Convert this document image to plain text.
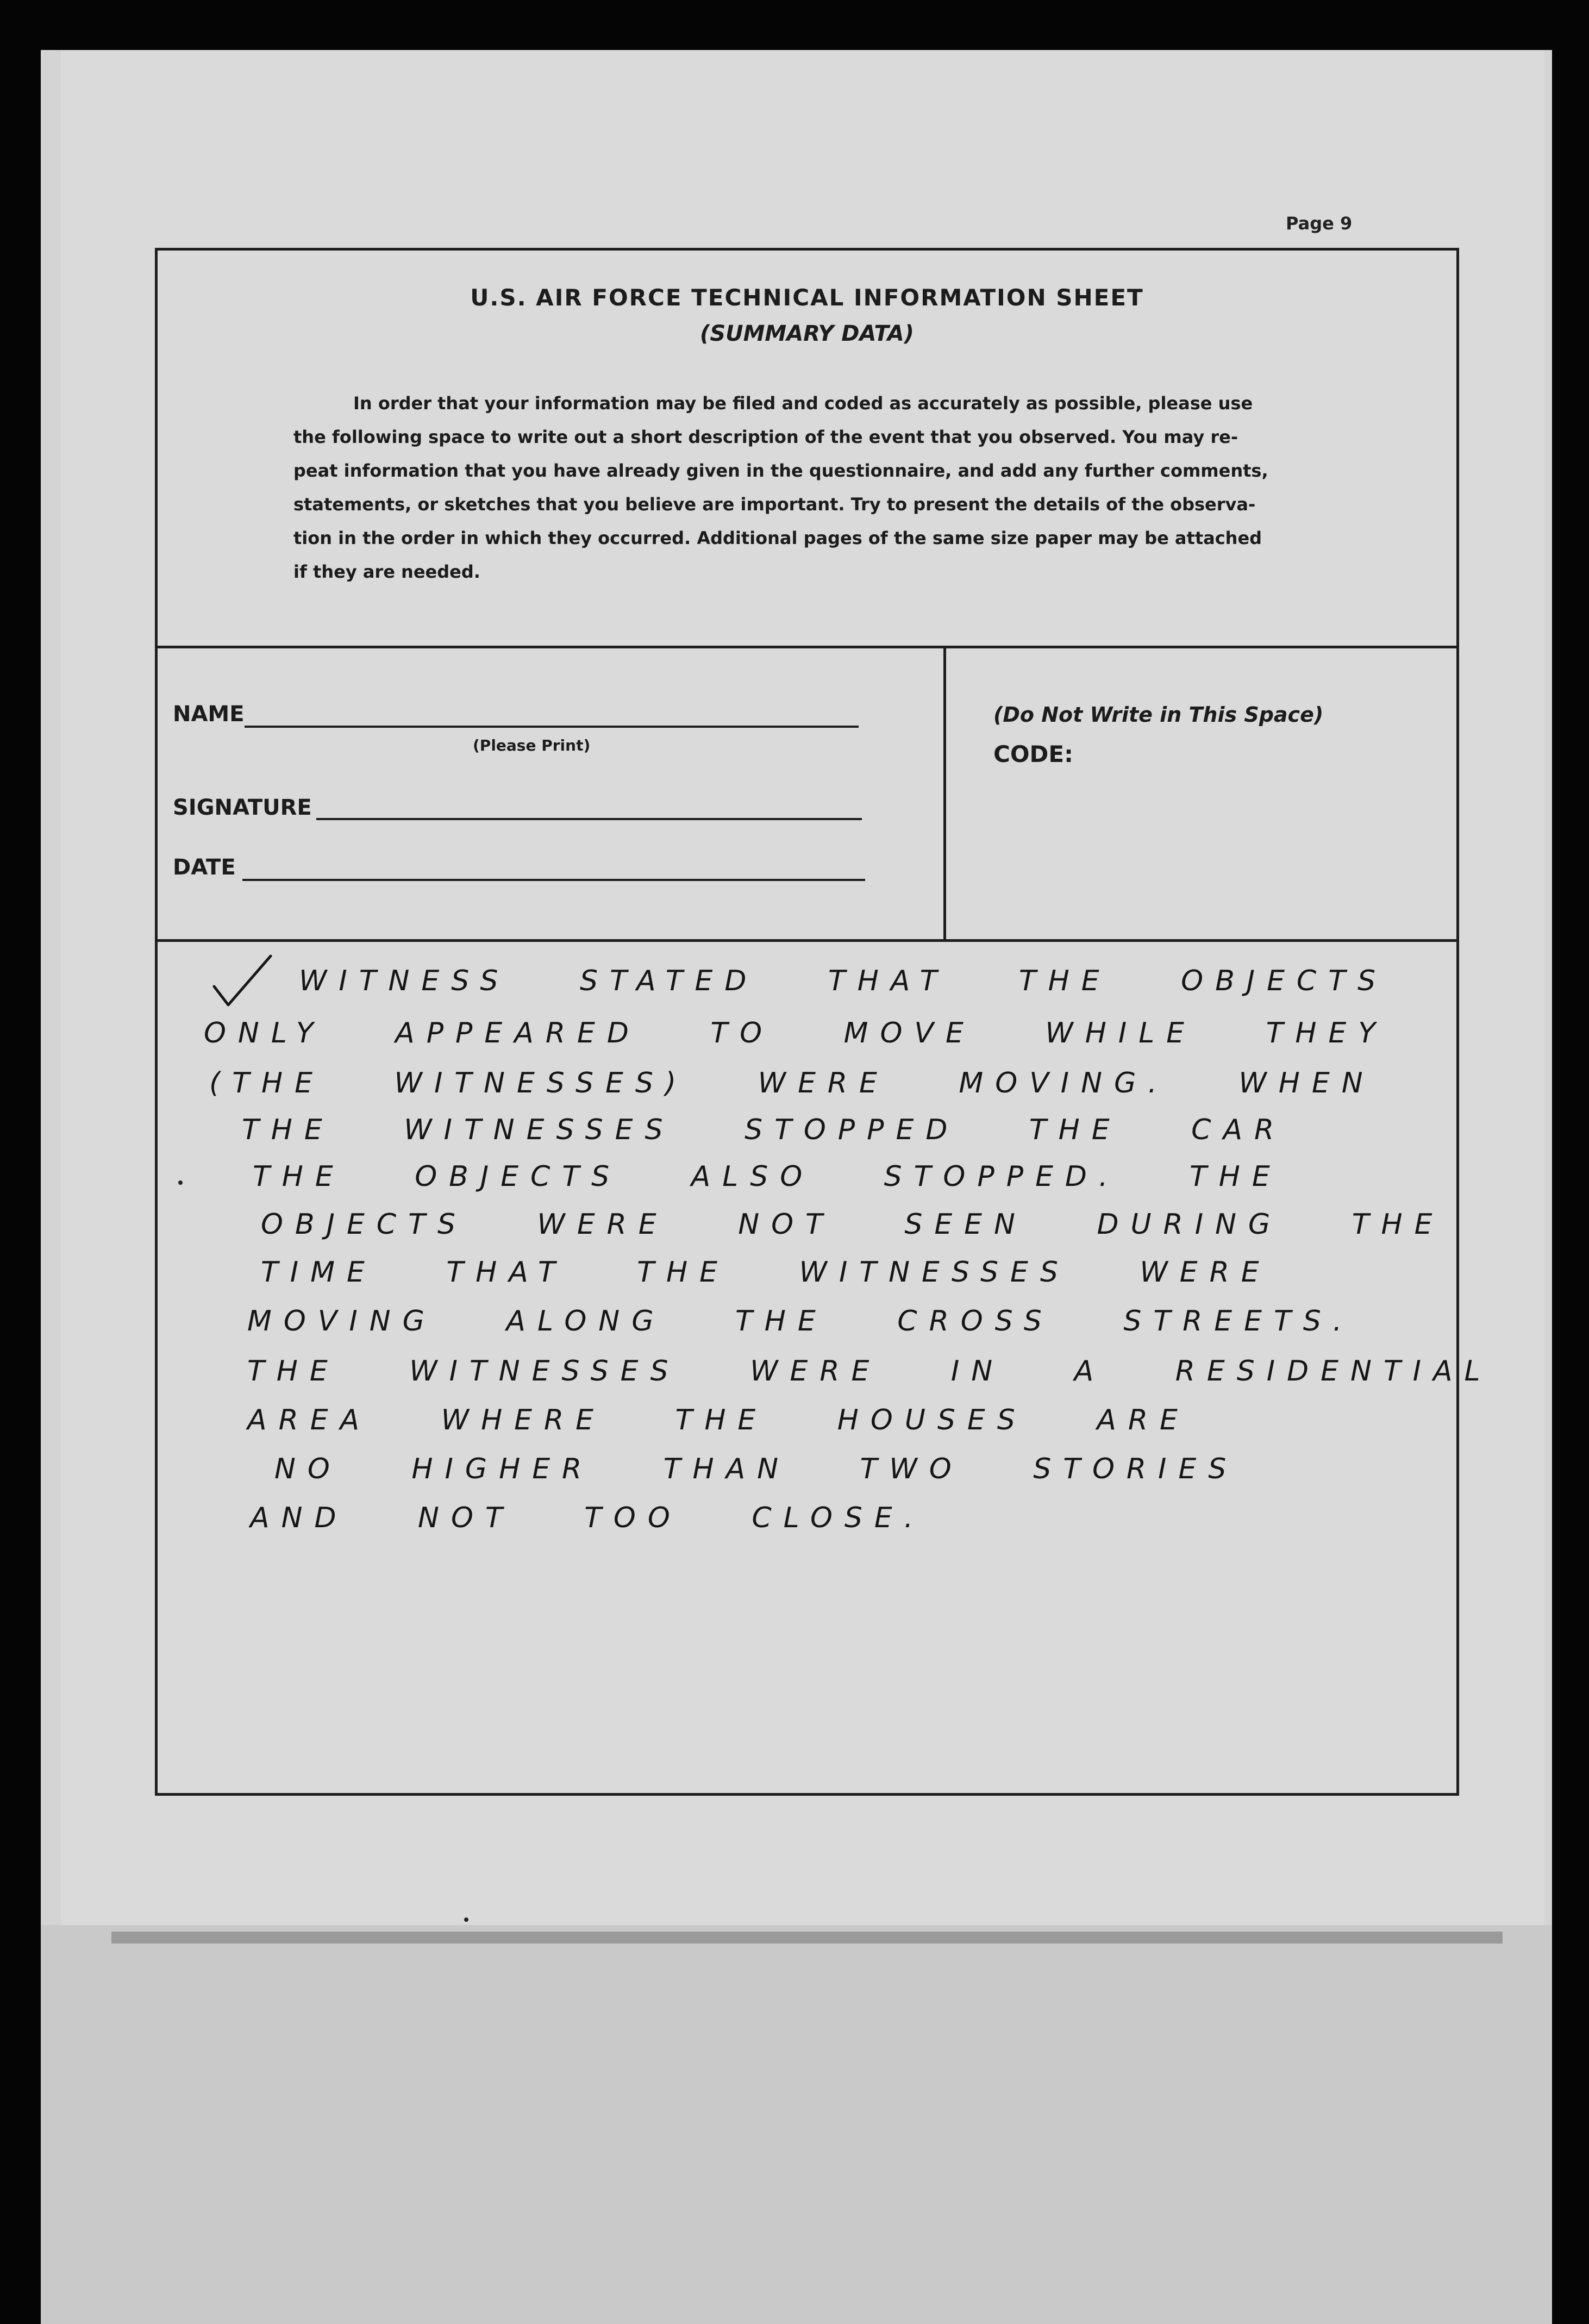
Page 9
U.S. AIR FORCE TECHNICAL INFORMATION SHEET
(SUMMARY DATA)
In order that your information may be filed and coded as accurately as possible, please use
the following space to write out a short description of the event that you observed. You may re-
peat information that you have already given in the questionnaire, and add any further comments,
statements, or sketches that you believe are important. Try to present the details of the observa-
tion in the order in which they occurred. Additional pages of the same size paper may be attached
if they are needed.
NAME
(Please Print)
SIGNATURE
DATE
(Do Not Write in This Space)
CODE:

WITNESS STATED THAT THE OBJECTS

ONLY APPEARED TO MOVE WHILE THEY

(THE WITNESSES) WERE MOVING. WHEN

THE WITNESSES STOPPED THE CAR

THE OBJECTS ALSO STOPPED. THE

OBJECTS WERE NOT SEEN DURING THE

TIME THAT THE WITNESSES WERE

MOVING ALONG THE CROSS STREETS.

THE WITNESSES WERE IN A RESIDENTIAL

AREA WHERE THE HOUSES ARE

NO HIGHER THAN TWO STORIES

AND NOT TOO CLOSE.
